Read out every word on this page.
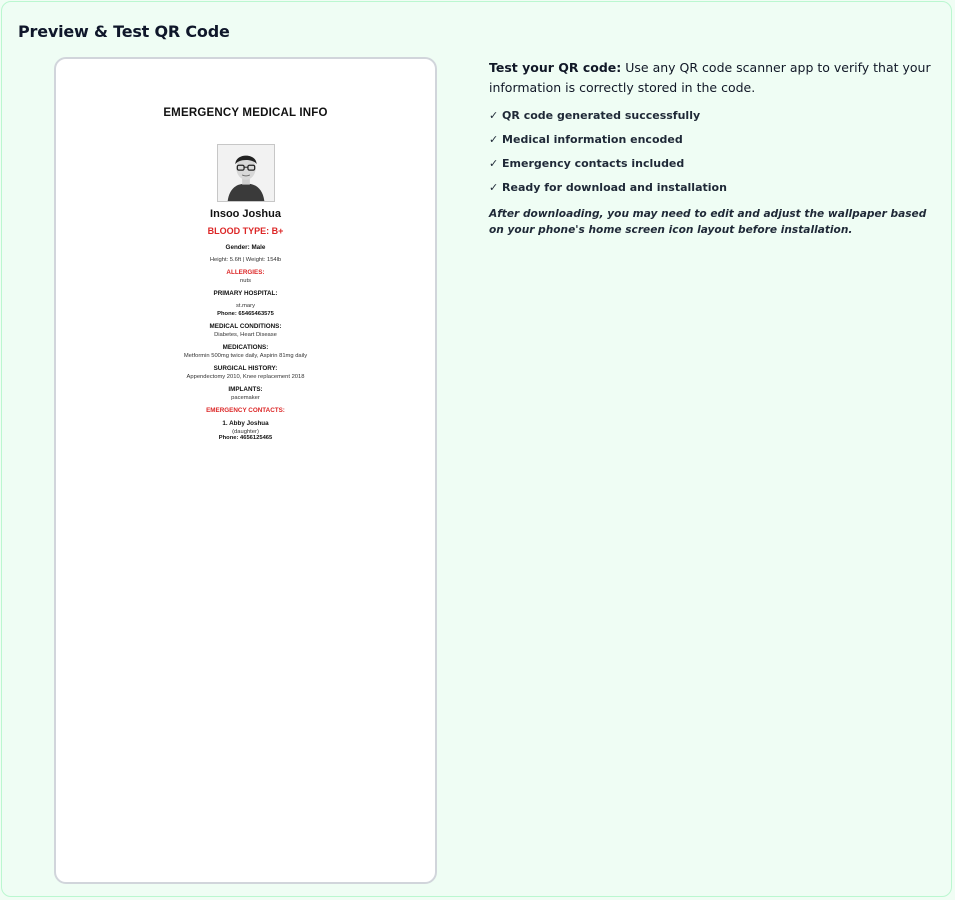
Preview & Test QR Code

EMERGENCY MEDICAL INFO

Insoo Joshua
BLOOD TYPE: B+
Gender: Male
Height: 5.6ft | Weight: 154lb
ALLERGIES:
nuts
PRIMARY HOSPITAL:
st.mary
Phone: 65465463575
MEDICAL CONDITIONS:
Diabetes, Heart Disease
MEDICATIONS:
Metformin 500mg twice daily, Aspirin 81mg daily
SURGICAL HISTORY:
Appendectomy 2010, Knee replacement 2018
IMPLANTS:
pacemaker
EMERGENCY CONTACTS:
1. Abby Joshua
(daughter)
Phone: 4656125465

Test your QR code: Use any QR code scanner app to verify that your information is correctly stored in the code.

✓ QR code generated successfully
✓ Medical information encoded
✓ Emergency contacts included
✓ Ready for download and installation
After downloading, you may need to edit and adjust the wallpaper based on your phone's home screen icon layout before installation.
